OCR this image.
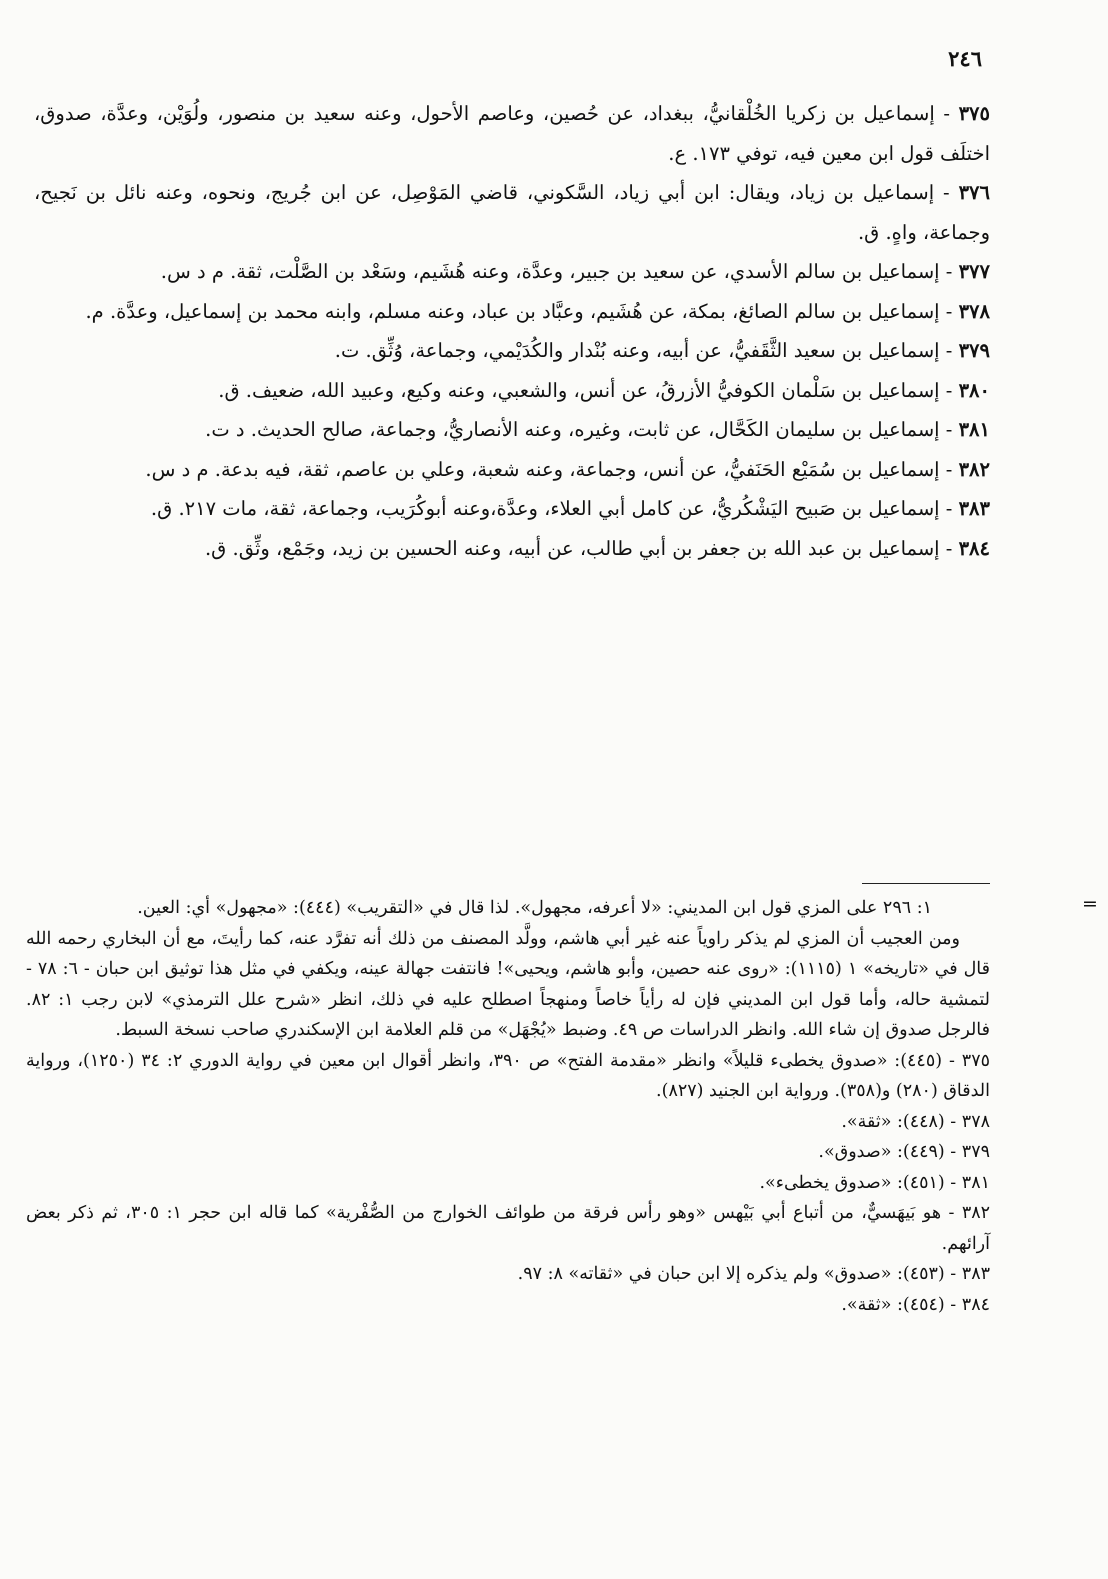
٢٤٦
٣٧٥ - إسماعيل بن زكريا الخُلْقانيُّ، ببغداد، عن حُصين، وعاصم الأحول، وعنه سعيد بن منصور، ولُوَيْن، وعدَّة، صدوق، اختلَف قول ابن معين فيه، توفي ١٧٣. ع.
٣٧٦ - إسماعيل بن زياد، ويقال: ابن أبي زياد، السَّكوني، قاضي المَوْصِل، عن ابن جُريج، ونحوه، وعنه نائل بن نَجيح، وجماعة، واهٍ. ق.
٣٧٧ - إسماعيل بن سالم الأسدي، عن سعيد بن جبير، وعدَّة، وعنه هُشَيم، وسَعْد بن الصَّلْت، ثقة. م د س.
٣٧٨ - إسماعيل بن سالم الصائغ، بمكة، عن هُشَيم، وعبَّاد بن عباد، وعنه مسلم، وابنه محمد بن إسماعيل، وعدَّة. م.
٣٧٩ - إسماعيل بن سعيد الثَّقَفيُّ، عن أبيه، وعنه بُنْدار والكُدَيْمي، وجماعة، وُثِّق. ت.
٣٨٠ - إسماعيل بن سَلْمان الكوفيُّ الأزرقُ، عن أنس، والشعبي، وعنه وكيع، وعبيد الله، ضعيف. ق.
٣٨١ - إسماعيل بن سليمان الكَحَّال، عن ثابت، وغيره، وعنه الأنصاريُّ، وجماعة، صالح الحديث. د ت.
٣٨٢ - إسماعيل بن سُمَيْع الحَنَفيُّ، عن أنس، وجماعة، وعنه شعبة، وعلي بن عاصم، ثقة، فيه بدعة. م د س.
٣٨٣ - إسماعيل بن صَبيح اليَشْكُريُّ، عن كامل أبي العلاء، وعدَّة،وعنه أبوكُرَيب، وجماعة، ثقة، مات ٢١٧. ق.
٣٨٤ - إسماعيل بن عبد الله بن جعفر بن أبي طالب، عن أبيه، وعنه الحسين بن زيد، وجَمْع، وثِّق. ق.
=
١: ٢٩٦ على المزي قول ابن المديني: «لا أعرفه، مجهول». لذا قال في «التقريب» (٤٤٤): «مجهول» أي: العين.
ومن العجيب أن المزي لم يذكر راوياً عنه غير أبي هاشم، وولَّد المصنف من ذلك أنه تفرَّد عنه، كما رأيتَ، مع أن البخاري رحمه الله قال في «تاريخه» ١ (١١١٥): «روى عنه حصين، وأبو هاشم، ويحيى»! فانتفت جهالة عينه، ويكفي في مثل هذا توثيق ابن حبان - ٦: ٧٨ - لتمشية حاله، وأما قول ابن المديني فإن له رأياً خاصاً ومنهجاً اصطلح عليه في ذلك، انظر «شرح علل الترمذي» لابن رجب ١: ٨٢. فالرجل صدوق إن شاء الله. وانظر الدراسات ص ٤٩. وضبط «يُجْهَل» من قلم العلامة ابن الإسكندري صاحب نسخة السبط.
٣٧٥ - (٤٤٥): «صدوق يخطىء قليلاً» وانظر «مقدمة الفتح» ص ٣٩٠، وانظر أقوال ابن معين في رواية الدوري ٢: ٣٤ (١٢٥٠)، ورواية الدقاق (٢٨٠) و(٣٥٨). ورواية ابن الجنيد (٨٢٧).
٣٧٨ - (٤٤٨): «ثقة».
٣٧٩ - (٤٤٩): «صدوق».
٣٨١ - (٤٥١): «صدوق يخطىء».
٣٨٢ - هو بَيهَسيٌّ، من أتباع أبي بَيْهس «وهو رأس فرقة من طوائف الخوارج من الصُّفْرية» كما قاله ابن حجر ١: ٣٠٥، ثم ذكر بعض آرائهم.
٣٨٣ - (٤٥٣): «صدوق» ولم يذكره إلا ابن حبان في «ثقاته» ٨: ٩٧.
٣٨٤ - (٤٥٤): «ثقة».
